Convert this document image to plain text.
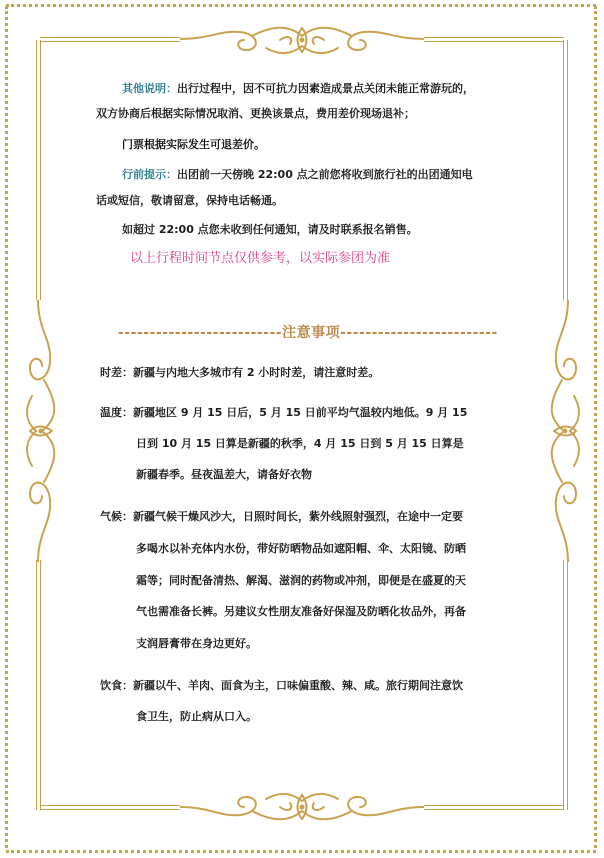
其他说明：出行过程中，因不可抗力因素造成景点关闭未能正常游玩的，
双方协商后根据实际情况取消、更换该景点，费用差价现场退补；
门票根据实际发生可退差价。
行前提示：出团前一天傍晚 22:00 点之前您将收到旅行社的出团通知电
话或短信，敬请留意，保持电话畅通。
如超过 22:00 点您未收到任何通知，请及时联系报名销售。
以上行程时间节点仅供参考，以实际参团为准
--------------------------注意事项-------------------------
时差：新疆与内地大多城市有 2 小时时差，请注意时差。
温度：新疆地区 9 月 15 日后，5 月 15 日前平均气温较内地低。9 月 15
日到 10 月 15 日算是新疆的秋季，4 月 15 日到 5 月 15 日算是
新疆春季。昼夜温差大，请备好衣物
气候：新疆气候干燥风沙大，日照时间长，紫外线照射强烈，在途中一定要
多喝水以补充体内水份，带好防晒物品如遮阳帽、伞、太阳镜、防晒
霜等；同时配备清热、解渴、滋润的药物或冲剂，即便是在盛夏的天
气也需准备长裤。另建议女性朋友准备好保湿及防晒化妆品外，再备
支润唇膏带在身边更好。
饮食：新疆以牛、羊肉、面食为主，口味偏重酸、辣、咸。旅行期间注意饮
食卫生，防止病从口入。
